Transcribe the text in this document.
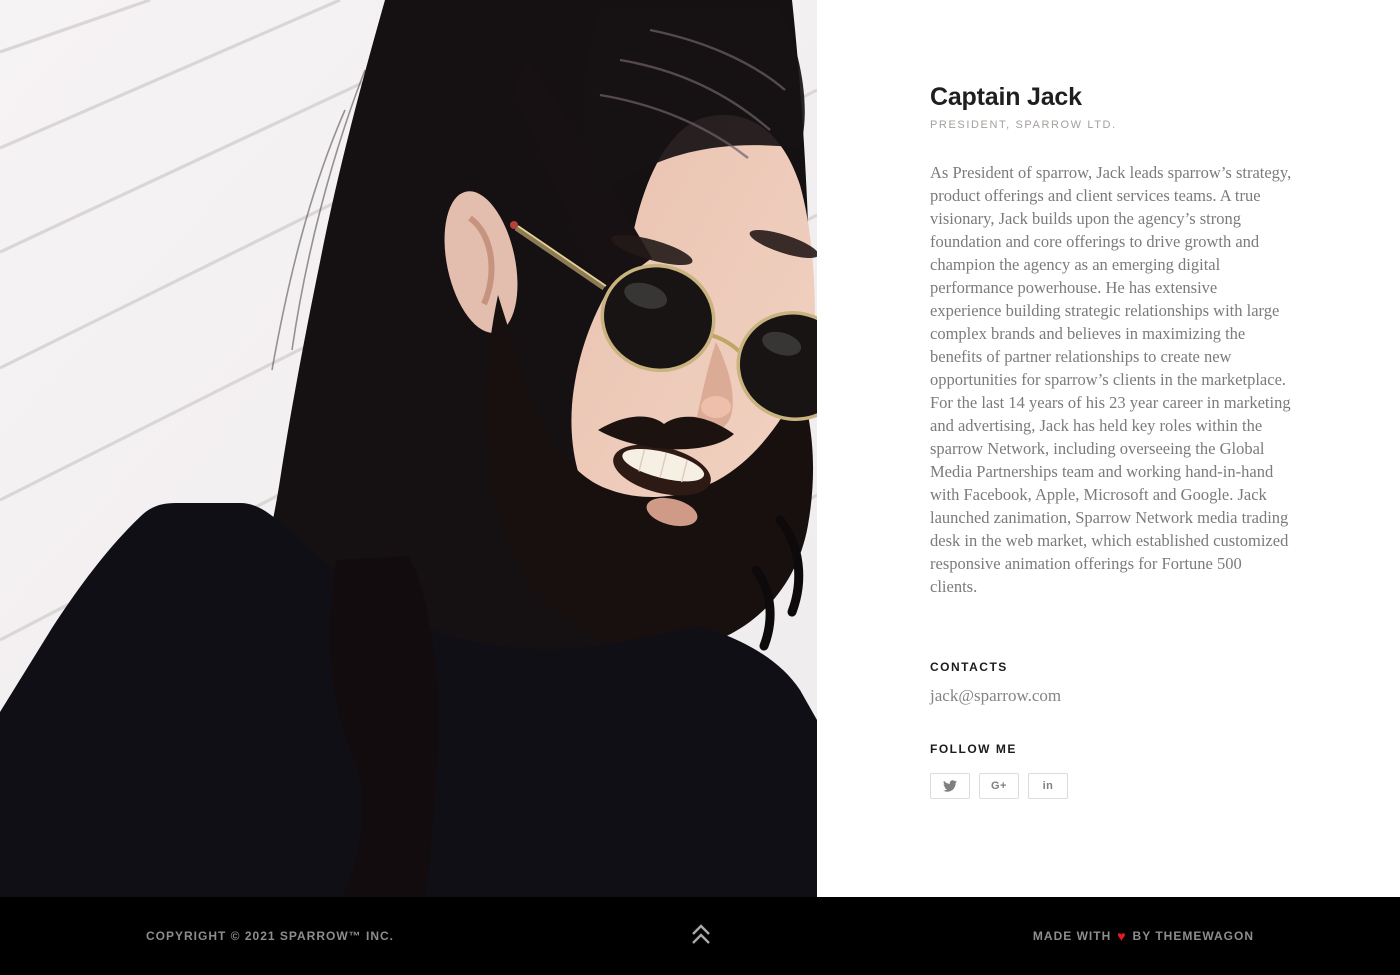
Captain Jack
PRESIDENT, SPARROW LTD.

As President of sparrow, Jack leads sparrow’s strategy, product offerings and client services teams. A true visionary, Jack builds upon the agency’s strong foundation and core offerings to drive growth and champion the agency as an emerging digital performance powerhouse. He has extensive experience building strategic relationships with large complex brands and believes in maximizing the benefits of partner relationships to create new opportunities for sparrow’s clients in the marketplace. For the last 14 years of his 23 year career in marketing and advertising, Jack has held key roles within the sparrow Network, including overseeing the Global Media Partnerships team and working hand-in-hand with Facebook, Apple, Microsoft and Google. Jack launched zanimation, Sparrow Network media trading desk in the web market, which established customized responsive animation offerings for Fortune 500 clients.

CONTACTS
jack@sparrow.com
FOLLOW ME
G+	in
COPYRIGHT © 2021 SPARROW™ INC.	MADE WITH ♥ BY THEMEWAGON
